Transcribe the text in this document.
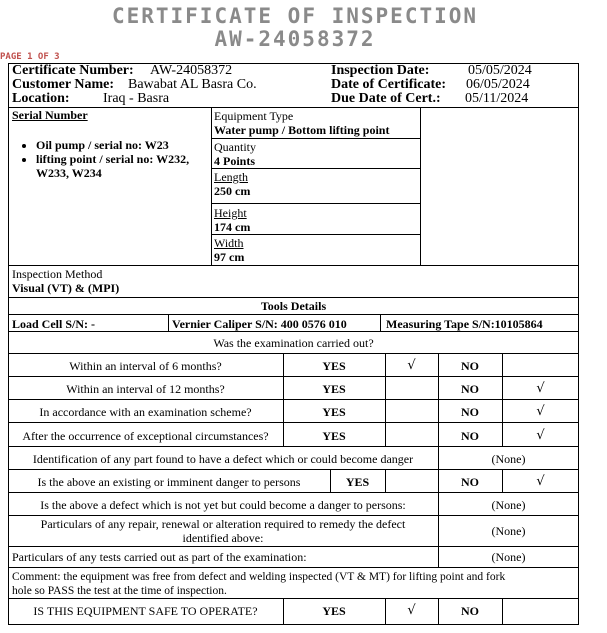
CERTIFICATE OF INSPECTION
AW-24058372
PAGE 1 OF 3
Certificate Number: AW-24058372
Customer Name: Bawabat AL Basra Co.
Location: Iraq - Basra
Inspection Date:	05/05/2024
Date of Certificate: 06/05/2024
Due Date of Cert.: 05/11/2024
Serial Number
• Oil pump / serial no: W23
• lifting point / serial no: W232, W233, W234
Equipment Type
Water pump / Bottom lifting point
Quantity
4 Points
Length
250 cm
Height
174 cm
Width
97 cm
Inspection Method
Visual (VT) & (MPI)
Tools Details
Load Cell S/N: -	Vernier Caliper S/N: 400 0576 010	Measuring Tape S/N:10105864
Was the examination carried out?
Within an interval of 6 months?	YES	√	NO
Within an interval of 12 months?	YES	NO	√
In accordance with an examination scheme?	YES	NO	√
After the occurrence of exceptional circumstances?	YES	NO	√
Identification of any part found to have a defect which or could become danger	(None)
Is the above an existing or imminent danger to persons	YES	NO	√
Is the above a defect which is not yet but could become a danger to persons:	(None)
Particulars of any repair, renewal or alteration required to remedy the defect
identified above:	(None)
Particulars of any tests carried out as part of the examination:	(None)
Comment: the equipment was free from defect and welding inspected (VT & MT) for lifting point and fork
hole so PASS the test at the time of inspection.
IS THIS EQUIPMENT SAFE TO OPERATE?	YES	√	NO
